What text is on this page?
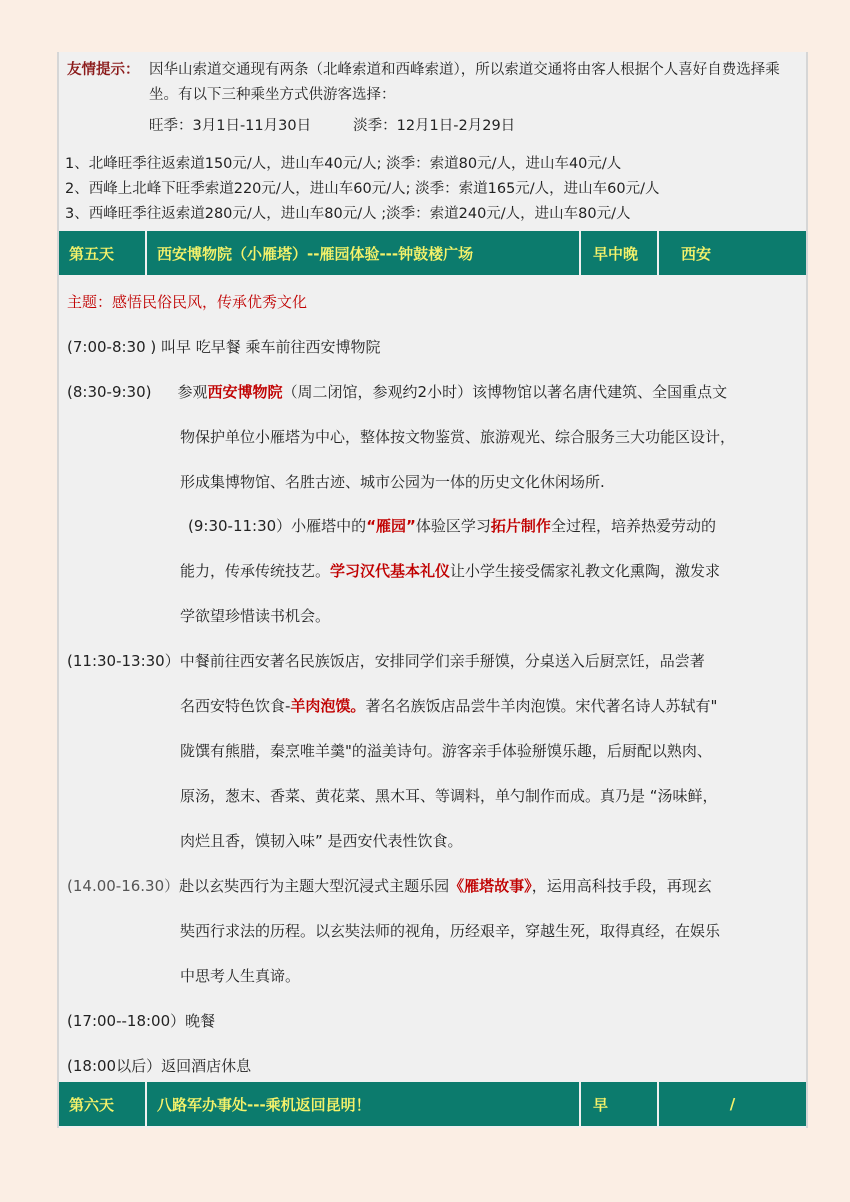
友情提示： 因华山索道交通现有两条（北峰索道和西峰索道），所以索道交通将由客人根据个人喜好自费选择乘坐。有以下三种乘坐方式供游客选择：
旺季：3月1日-11月30日	淡季：12月1日-2月29日
1、北峰旺季往返索道150元/人，进山车40元/人; 淡季：索道80元/人，进山车40元/人
2、西峰上北峰下旺季索道220元/人，进山车60元/人; 淡季：索道165元/人，进山车60元/人
3、西峰旺季往返索道280元/人，进山车80元/人 ;淡季：索道240元/人，进山车80元/人
第五天	西安博物院（小雁塔）--雁园体验---钟鼓楼广场	早中晚	西安
主题：感悟民俗民风，传承优秀文化
(7:00-8:30 ) 叫早 吃早餐 乘车前往西安博物院
(8:30-9:30) 参观西安博物院（周二闭馆，参观约2小时）该博物馆以著名唐代建筑、全国重点文
物保护单位小雁塔为中心，整体按文物鉴赏、旅游观光、综合服务三大功能区设计，
形成集博物馆、名胜古迹、城市公园为一体的历史文化休闲场所.
(9:30-11:30）小雁塔中的“雁园”体验区学习拓片制作全过程，培养热爱劳动的
能力，传承传统技艺。学习汉代基本礼仪让小学生接受儒家礼教文化熏陶，激发求
学欲望珍惜读书机会。
(11:30-13:30）中餐前往西安著名民族饭店，安排同学们亲手掰馍，分桌送入后厨烹饪，品尝著
名西安特色饮食-羊肉泡馍。著名名族饭店品尝牛羊肉泡馍。宋代著名诗人苏轼有"
陇馔有熊腊，秦烹唯羊羹"的溢美诗句。游客亲手体验掰馍乐趣，后厨配以熟肉、
原汤，葱末、香菜、黄花菜、黑木耳、等调料，单勺制作而成。真乃是 “汤味鲜，
肉烂且香，馍韧入味” 是西安代表性饮食。
(14.00-16.30）赴以玄奘西行为主题大型沉浸式主题乐园《雁塔故事》，运用高科技手段，再现玄
奘西行求法的历程。以玄奘法师的视角，历经艰辛，穿越生死，取得真经，在娱乐
中思考人生真谛。
(17:00--18:00）晚餐
(18:00以后）返回酒店休息
第六天	八路军办事处---乘机返回昆明！	早	/
